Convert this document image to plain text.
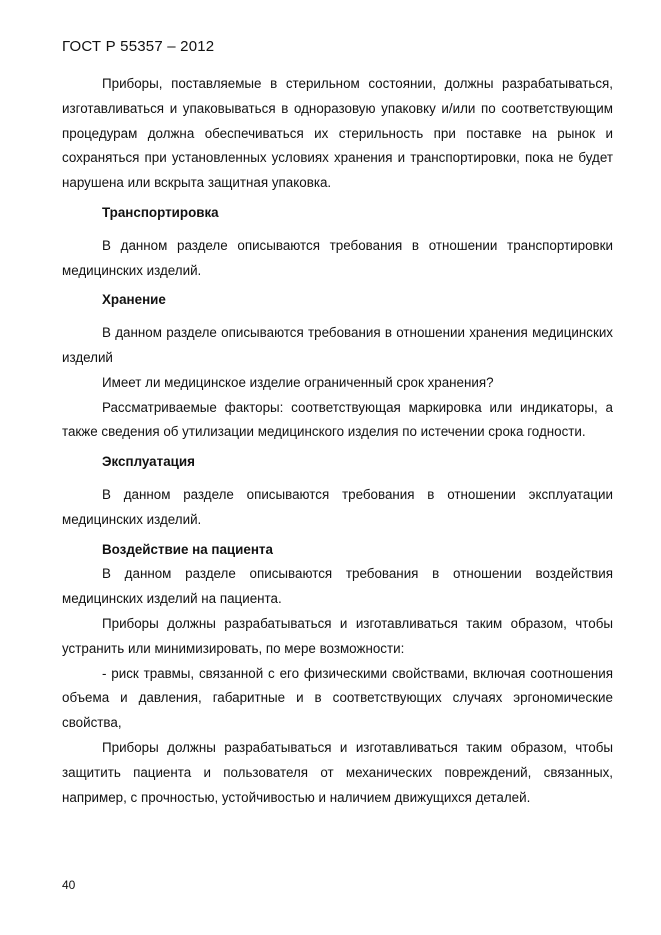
ГОСТ Р 55357 – 2012

Приборы, поставляемые в стерильном состоянии, должны разрабатываться, изготавливаться и упаковываться в одноразовую упаковку и/или по соответствующим процедурам должна обеспечиваться их стерильность при поставке на рынок и сохраняться при установленных условиях хранения и транспортировки, пока не будет нарушена или вскрыта защитная упаковка.

Транспортировка

В данном разделе описываются требования в отношении транспортировки медицинских изделий.

Хранение

В данном разделе описываются требования в отношении хранения медицинских изделий

Имеет ли медицинское изделие ограниченный срок хранения?

Рассматриваемые факторы: соответствующая маркировка или индикаторы, а также сведения об утилизации медицинского изделия по истечении срока годности.

Эксплуатация

В данном разделе описываются требования в отношении эксплуатации медицинских изделий.

Воздействие на пациента

В данном разделе описываются требования в отношении воздействия медицинских изделий на пациента.

Приборы должны разрабатываться и изготавливаться таким образом, чтобы устранить или минимизировать, по мере возможности:

- риск травмы, связанной с его физическими свойствами, включая соотношения объема и давления, габаритные и в соответствующих случаях эргономические свойства,

Приборы должны разрабатываться и изготавливаться таким образом, чтобы защитить пациента и пользователя от механических повреждений, связанных, например, с прочностью, устойчивостью и наличием движущихся деталей.

40
